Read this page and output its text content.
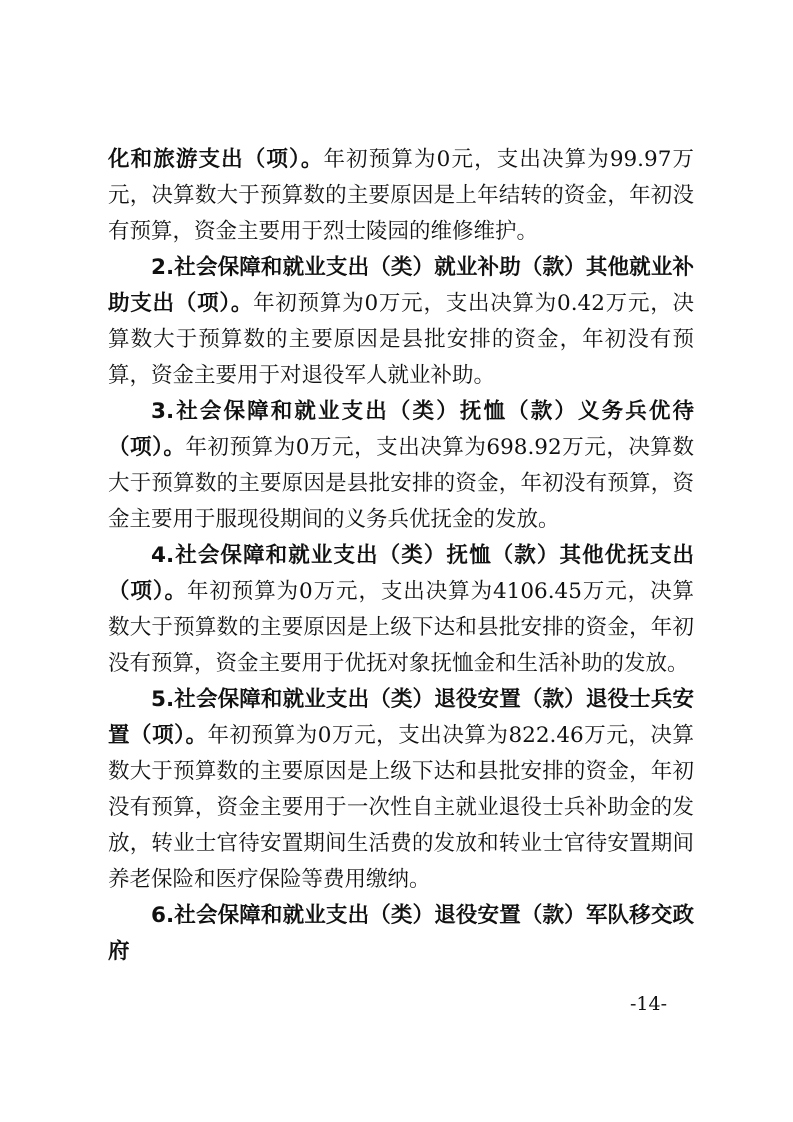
化和旅游支出（项）。年初预算为0元，支出决算为99.97万元，决算数大于预算数的主要原因是上年结转的资金，年初没有预算，资金主要用于烈士陵园的维修维护。

2.社会保障和就业支出（类）就业补助（款）其他就业补助支出（项）。年初预算为0万元，支出决算为0.42万元，决算数大于预算数的主要原因是县批安排的资金，年初没有预算，资金主要用于对退役军人就业补助。

3.社会保障和就业支出（类）抚恤（款）义务兵优待（项）。年初预算为0万元，支出决算为698.92万元，决算数大于预算数的主要原因是县批安排的资金，年初没有预算，资金主要用于服现役期间的义务兵优抚金的发放。

4.社会保障和就业支出（类）抚恤（款）其他优抚支出（项）。年初预算为0万元，支出决算为4106.45万元，决算数大于预算数的主要原因是上级下达和县批安排的资金，年初没有预算，资金主要用于优抚对象抚恤金和生活补助的发放。

5.社会保障和就业支出（类）退役安置（款）退役士兵安置（项）。年初预算为0万元，支出决算为822.46万元，决算数大于预算数的主要原因是上级下达和县批安排的资金，年初没有预算，资金主要用于一次性自主就业退役士兵补助金的发放，转业士官待安置期间生活费的发放和转业士官待安置期间养老保险和医疗保险等费用缴纳。

6.社会保障和就业支出（类）退役安置（款）军队移交政府

-14-
